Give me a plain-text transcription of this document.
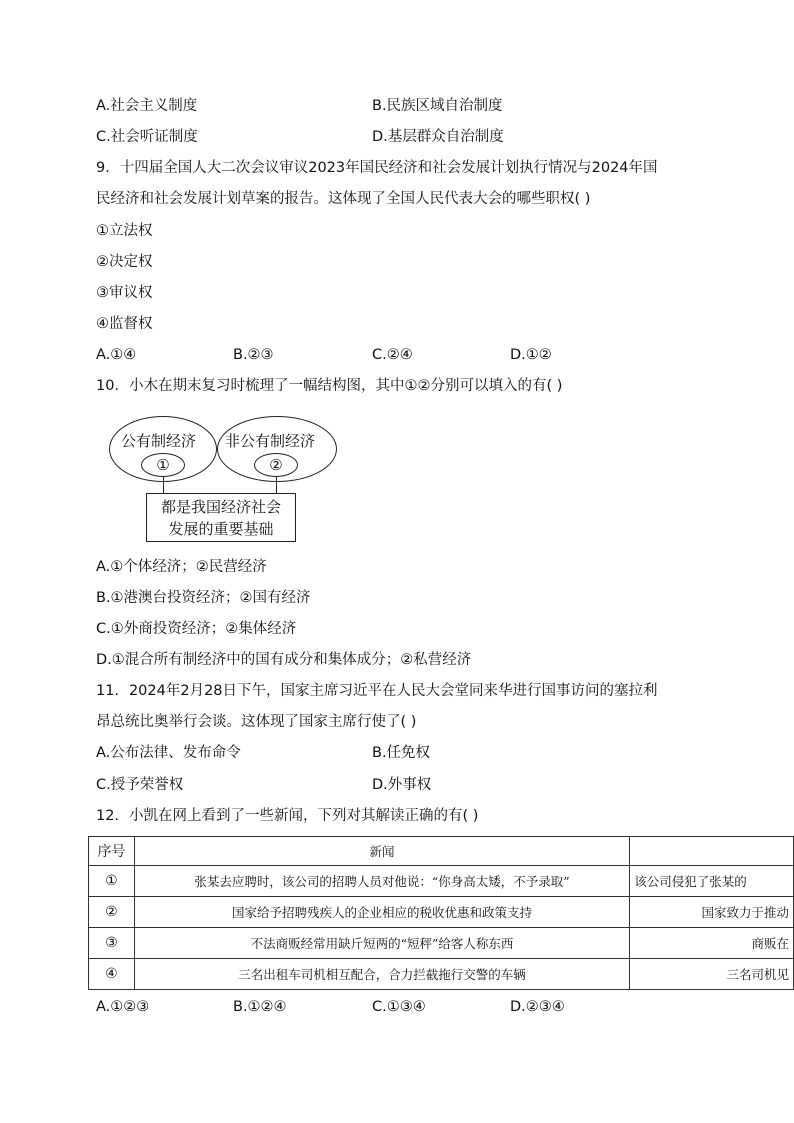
A.社会主义制度	B.民族区域自治制度
C.社会听证制度	D.基层群众自治制度
9．十四届全国人大二次会议审议2023年国民经济和社会发展计划执行情况与2024年国
民经济和社会发展计划草案的报告。这体现了全国人民代表大会的哪些职权( )
①立法权
②决定权
③审议权
④监督权
A.①④	B.②③	C.②④	D.①②
10．小木在期末复习时梳理了一幅结构图，其中①②分别可以填入的有( )
公有制经济
①
非公有制经济
②
都是我国经济社会
发展的重要基础
A.①个体经济；②民营经济
B.①港澳台投资经济；②国有经济
C.①外商投资经济；②集体经济
D.①混合所有制经济中的国有成分和集体成分；②私营经济
11．2024年2月28日下午，国家主席习近平在人民大会堂同来华进行国事访问的塞拉利
昂总统比奥举行会谈。这体现了国家主席行使了( )
A.公布法律、发布命令	B.任免权
C.授予荣誉权	D.外事权
12．小凯在网上看到了一些新闻，下列对其解读正确的有( )
序号	新闻	
①	张某去应聘时，该公司的招聘人员对他说：“你身高太矮，不予录取”	该公司侵犯了张某的
②	国家给予招聘残疾人的企业相应的税收优惠和政策支持	国家致力于推动
③	不法商贩经常用缺斤短两的“短秤”给客人称东西	商贩在
④	三名出租车司机相互配合，合力拦截拖行交警的车辆	三名司机见
A.①②③	B.①②④	C.①③④	D.②③④
